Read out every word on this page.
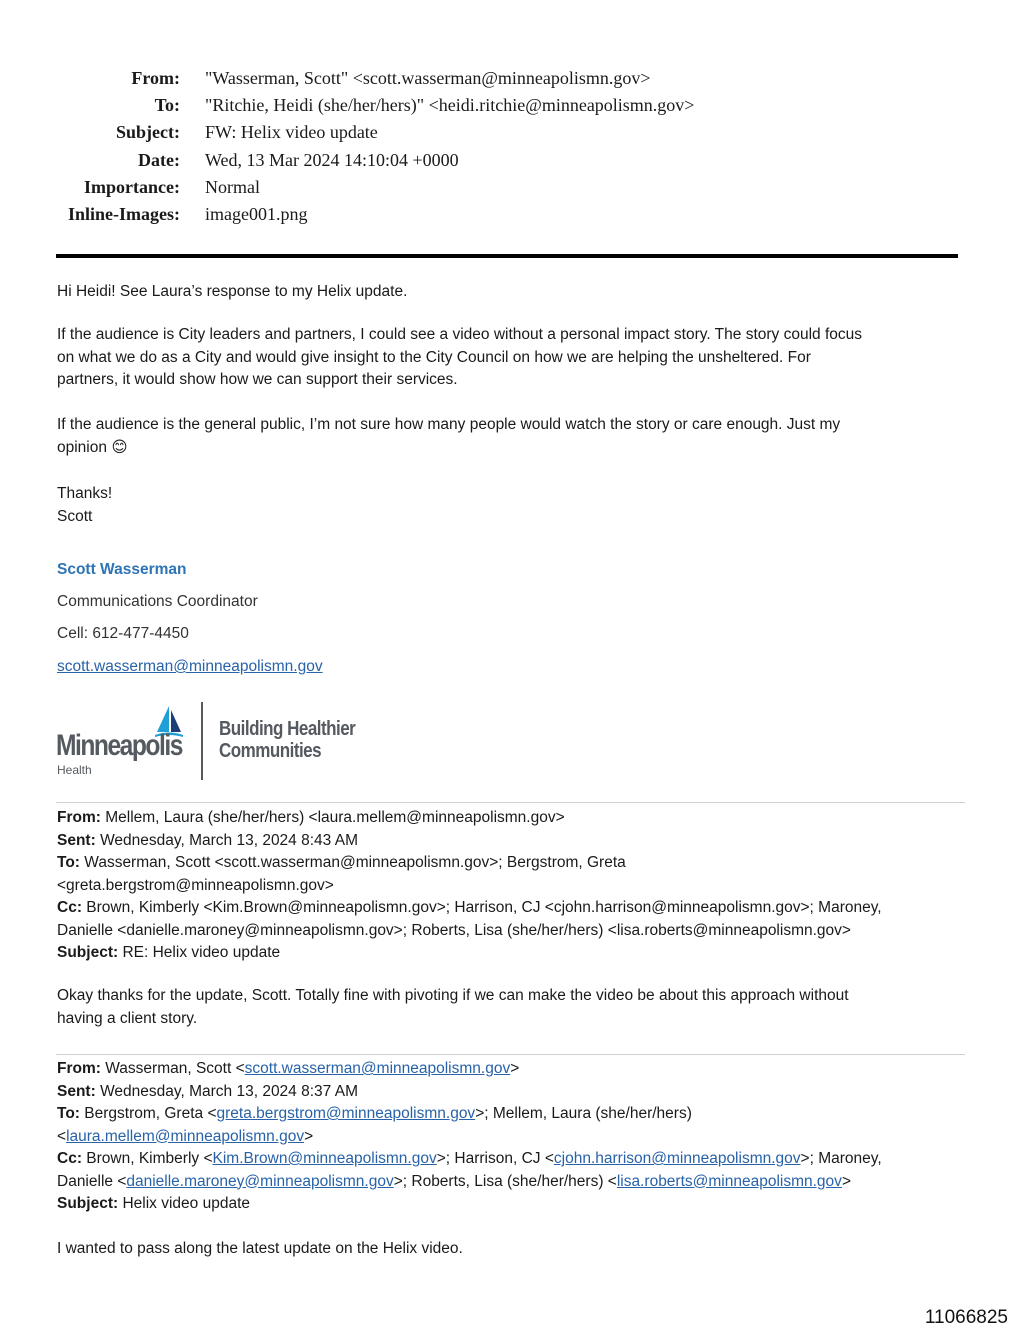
From: "Wasserman, Scott" <scott.wasserman@minneapolismn.gov>
To: "Ritchie, Heidi (she/her/hers)" <heidi.ritchie@minneapolismn.gov>
Subject: FW: Helix video update
Date: Wed, 13 Mar 2024 14:10:04 +0000
Importance: Normal
Inline-Images: image001.png

Hi Heidi! See Laura’s response to my Helix update.

If the audience is City leaders and partners, I could see a video without a personal impact story. The story could focus
on what we do as a City and would give insight to the City Council on how we are helping the unsheltered. For
partners, it would show how we can support their services.

If the audience is the general public, I’m not sure how many people would watch the story or care enough. Just my
opinion 😊

Thanks!
Scott

Scott Wasserman
Communications Coordinator
Cell: 612-477-4450
scott.wasserman@minneapolismn.gov
Minneapolis
Health
Building Healthier
Communities

From: Mellem, Laura (she/her/hers) <laura.mellem@minneapolismn.gov>
Sent: Wednesday, March 13, 2024 8:43 AM
To: Wasserman, Scott <scott.wasserman@minneapolismn.gov>; Bergstrom, Greta
<greta.bergstrom@minneapolismn.gov>
Cc: Brown, Kimberly <Kim.Brown@minneapolismn.gov>; Harrison, CJ <cjohn.harrison@minneapolismn.gov>; Maroney,
Danielle <danielle.maroney@minneapolismn.gov>; Roberts, Lisa (she/her/hers) <lisa.roberts@minneapolismn.gov>
Subject: RE: Helix video update

Okay thanks for the update, Scott. Totally fine with pivoting if we can make the video be about this approach without
having a client story.

From: Wasserman, Scott <scott.wasserman@minneapolismn.gov>
Sent: Wednesday, March 13, 2024 8:37 AM
To: Bergstrom, Greta <greta.bergstrom@minneapolismn.gov>; Mellem, Laura (she/her/hers)
<laura.mellem@minneapolismn.gov>
Cc: Brown, Kimberly <Kim.Brown@minneapolismn.gov>; Harrison, CJ <cjohn.harrison@minneapolismn.gov>; Maroney,
Danielle <danielle.maroney@minneapolismn.gov>; Roberts, Lisa (she/her/hers) <lisa.roberts@minneapolismn.gov>
Subject: Helix video update

I wanted to pass along the latest update on the Helix video.

11066825
